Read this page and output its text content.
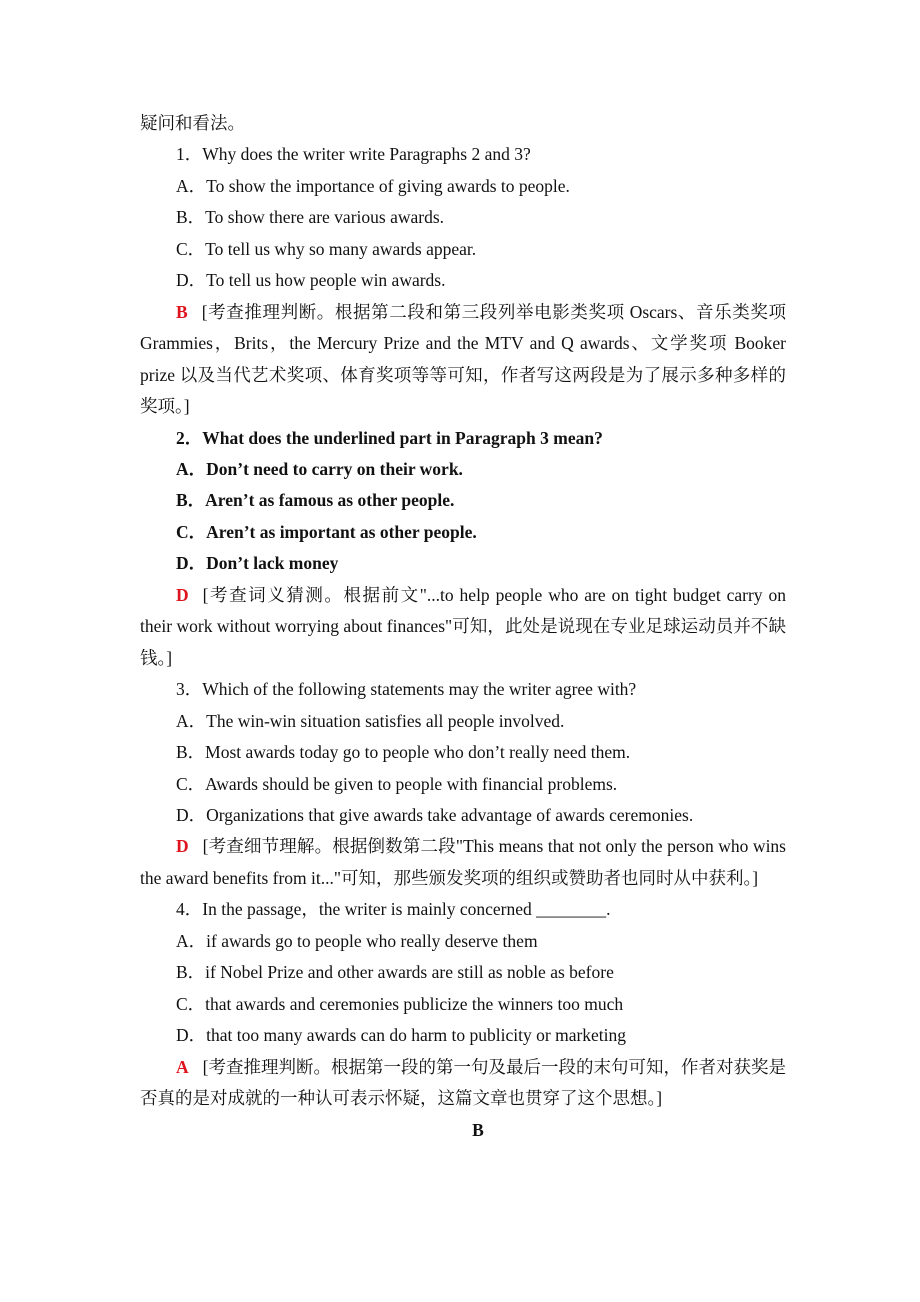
疑问和看法。
1．Why does the writer write Paragraphs 2 and 3?
A．To show the importance of giving awards to people.
B．To show there are various awards.
C．To tell us why so many awards appear.
D．To tell us how people win awards.
B [考查推理判断。根据第二段和第三段列举电影类奖项 Oscars、音乐类奖项 Grammies，Brits，the Mercury Prize and the MTV and Q awards、文学奖项 Booker prize 以及当代艺术奖项、体育奖项等等可知，作者写这两段是为了展示多种多样的奖项。]
2．What does the underlined part in Paragraph 3 mean?
A．Don’t need to carry on their work.
B．Aren’t as famous as other people.
C．Aren’t as important as other people.
D．Don’t lack money
D [考查词义猜测。根据前文"...to help people who are on tight budget carry on their work without worrying about finances"可知，此处是说现在专业足球运动员并不缺钱。]
3．Which of the following statements may the writer agree with?
A．The win-win situation satisfies all people involved.
B．Most awards today go to people who don’t really need them.
C．Awards should be given to people with financial problems.
D．Organizations that give awards take advantage of awards ceremonies.
D [考查细节理解。根据倒数第二段"This means that not only the person who wins the award benefits from it..."可知，那些颁发奖项的组织或赞助者也同时从中获利。]
4．In the passage，the writer is mainly concerned ________.
A．if awards go to people who really deserve them
B．if Nobel Prize and other awards are still as noble as before
C．that awards and ceremonies publicize the winners too much
D．that too many awards can do harm to publicity or marketing
A [考查推理判断。根据第一段的第一句及最后一段的末句可知，作者对获奖是否真的是对成就的一种认可表示怀疑，这篇文章也贯穿了这个思想。]
B
